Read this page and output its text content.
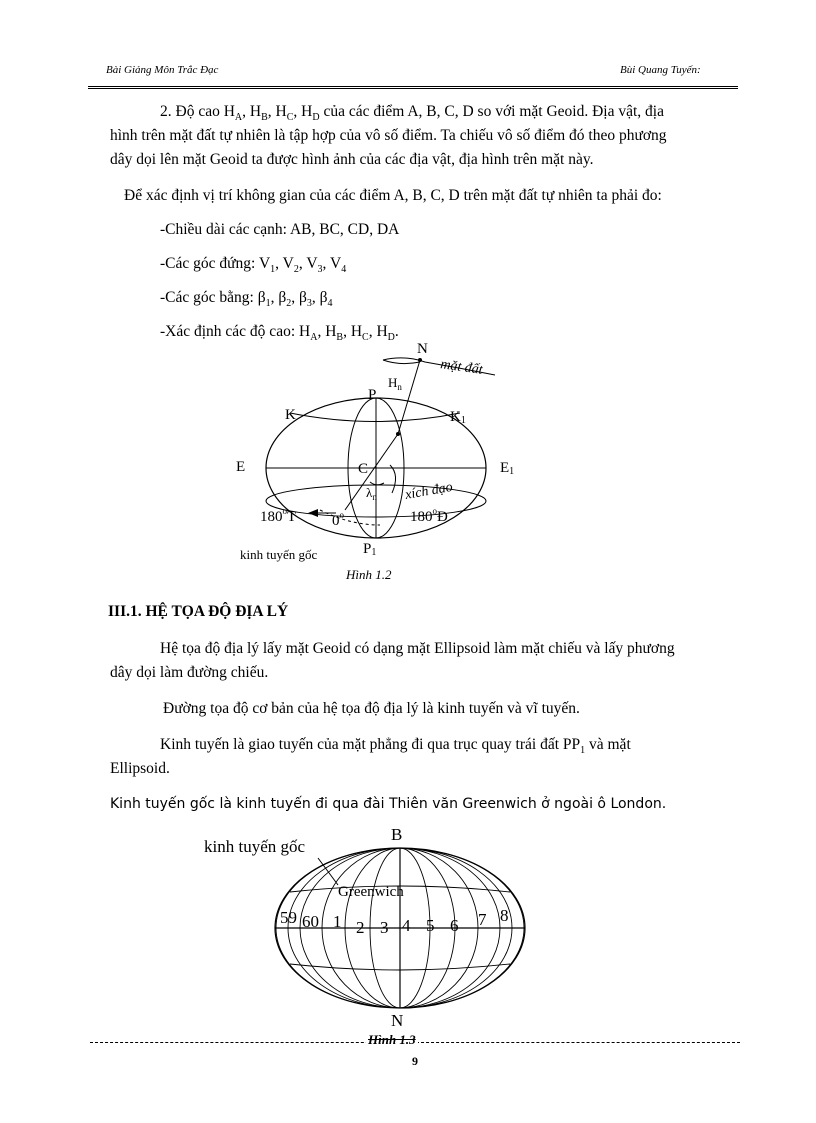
Bài Giảng Môn Trắc Đạc	Bùi Quang Tuyến:
2. Độ cao $H_A$, $H_B$, $H_C$, $H_D$ của các điểm A, B, C, D so với mặt Geoid. Địa vật, địa
hình trên mặt đất tự nhiên là tập hợp của vô số điểm. Ta chiếu vô số điểm đó theo phương
dây dọi lên mặt Geoid ta được hình ảnh của các địa vật, địa hình trên mặt này.
Để xác định vị trí không gian của các điểm A, B, C, D trên mặt đất tự nhiên ta phải đo:
-Chiều dài các cạnh: AB, BC, CD, DA
-Các góc đứng: $V_1$, $V_2$, $V_3$, $V_4$
-Các góc bằng: $\beta_1$, $\beta_2$, $\beta_3$, $\beta_4$
-Xác định các độ cao: $H_A$, $H_B$, $H_C$, $H_D$.
N
mặt đất
$H_n$
P
K	K1
E	E1
C
$\lambda_n$ xích đạo
180$^o$T 0$^o$	180$^o$Đ
kinh tuyến gốc	P1
Hình 1.2
III.1. HỆ TỌA ĐỘ ĐỊA LÝ
Hệ tọa độ địa lý lấy mặt Geoid có dạng mặt Ellipsoid làm mặt chiếu và lấy phương
dây dọi làm đường chiếu.
Đường tọa độ cơ bản của hệ tọa độ địa lý là kinh tuyến và vĩ tuyến.
Kinh tuyến là giao tuyến của mặt phẳng đi qua trục quay trái đất $PP_1$ và mặt
Ellipsoid.
Kinh tuyến gốc là kinh tuyến đi qua đài Thiên văn Greenwich ở ngoài ô London.
B
N
kinh tuyến gốc
Greenwich
59 60 1 2 3 4 5 6 7 8
Hình 1.3
9
